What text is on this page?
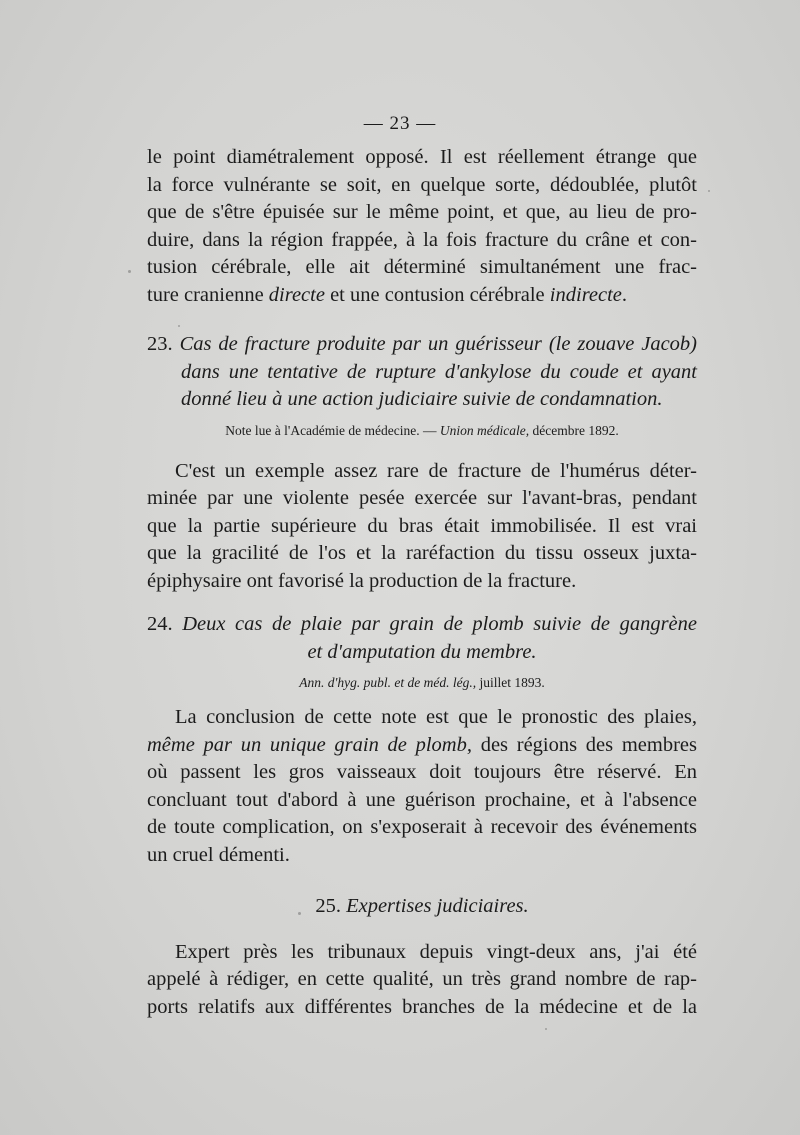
— 23 —

le point diamétralement opposé. Il est réellement étrange que
la force vulnérante se soit, en quelque sorte, dédoublée, plutôt
que de s'être épuisée sur le même point, et que, au lieu de pro-
duire, dans la région frappée, à la fois fracture du crâne et con-
tusion cérébrale, elle ait déterminé simultanément une frac-
ture cranienne directe et une contusion cérébrale indirecte.

23. Cas de fracture produite par un guérisseur (le zouave Jacob)
dans une tentative de rupture d'ankylose du coude et ayant
donné lieu à une action judiciaire suivie de condamnation.

Note lue à l'Académie de médecine. — Union médicale, décembre 1892.

C'est un exemple assez rare de fracture de l'humérus déter-
minée par une violente pesée exercée sur l'avant-bras, pendant
que la partie supérieure du bras était immobilisée. Il est vrai
que la gracilité de l'os et la raréfaction du tissu osseux juxta-
épiphysaire ont favorisé la production de la fracture.

24. Deux cas de plaie par grain de plomb suivie de gangrène
et d'amputation du membre.

Ann. d'hyg. publ. et de méd. lég., juillet 1893.

La conclusion de cette note est que le pronostic des plaies,
même par un unique grain de plomb, des régions des membres
où passent les gros vaisseaux doit toujours être réservé. En
concluant tout d'abord à une guérison prochaine, et à l'absence
de toute complication, on s'exposerait à recevoir des événements
un cruel démenti.

25. Expertises judiciaires.

Expert près les tribunaux depuis vingt-deux ans, j'ai été
appelé à rédiger, en cette qualité, un très grand nombre de rap-
ports relatifs aux différentes branches de la médecine et de la
